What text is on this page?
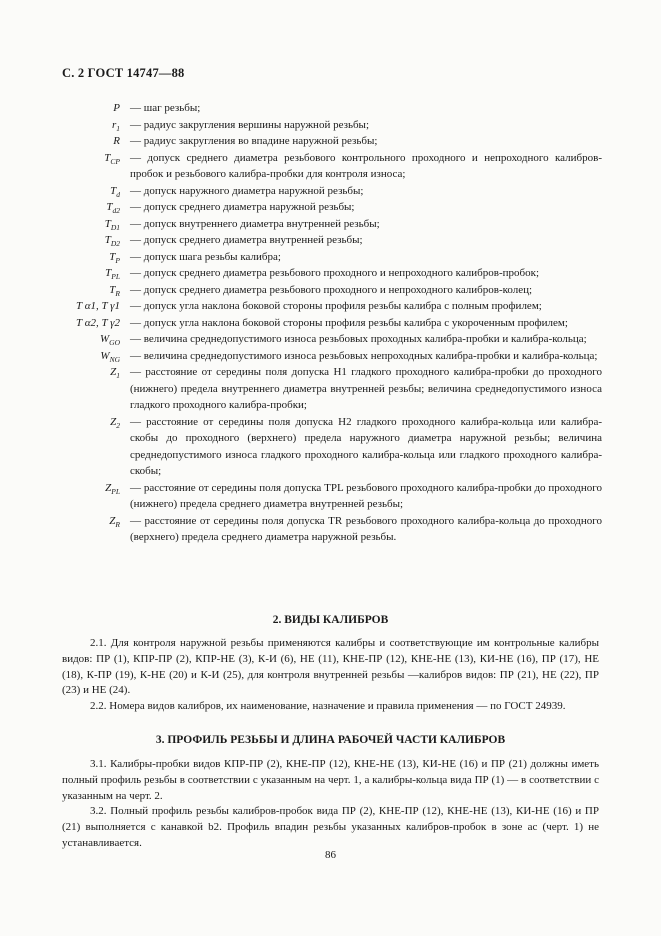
С. 2 ГОСТ 14747—88
P — шаг резьбы;
$r_1$ — радиус закругления вершины наружной резьбы;
R — радиус закругления во впадине наружной резьбы;
$T_{CP}$ — допуск среднего диаметра резьбового контрольного проходного и непроходного калибров-пробок и резьбового калибра-пробки для контроля износа;
$T_d$ — допуск наружного диаметра наружной резьбы;
$T_{d2}$ — допуск среднего диаметра наружной резьбы;
$T_{D1}$ — допуск внутреннего диаметра внутренней резьбы;
$T_{D2}$ — допуск среднего диаметра внутренней резьбы;
$T_P$ — допуск шага резьбы калибра;
$T_{PL}$ — допуск среднего диаметра резьбового проходного и непроходного калибров-пробок;
$T_R$ — допуск среднего диаметра резьбового проходного и непроходного калибров-колец;
T α1, T γ1 — допуск угла наклона боковой стороны профиля резьбы калибра с полным профилем;
T α2, T γ2 — допуск угла наклона боковой стороны профиля резьбы калибра с укороченным профилем;
$W_{GO}$ — величина среднедопустимого износа резьбовых проходных калибра-пробки и калибра-кольца;
$W_{NG}$ — величина среднедопустимого износа резьбовых непроходных калибра-пробки и калибра-кольца;
$Z_1$ — расстояние от середины поля допуска H1 гладкого проходного калибра-пробки до проходного (нижнего) предела внутреннего диаметра внутренней резьбы; величина среднедопустимого износа гладкого проходного калибра-пробки;
$Z_2$ — расстояние от середины поля допуска H2 гладкого проходного калибра-кольца или калибра-скобы до проходного (верхнего) предела наружного диаметра наружной резьбы; величина среднедопустимого износа гладкого проходного калибра-кольца или гладкого проходного калибра-скобы;
$Z_{PL}$ — расстояние от середины поля допуска TPL резьбового проходного калибра-пробки до проходного (нижнего) предела среднего диаметра внутренней резьбы;
$Z_R$ — расстояние от середины поля допуска TR резьбового проходного калибра-кольца до проходного (верхнего) предела среднего диаметра наружной резьбы.
2. ВИДЫ КАЛИБРОВ

2.1. Для контроля наружной резьбы применяются калибры и соответствующие им контрольные калибры видов: ПР (1), КПР-ПР (2), КПР-НЕ (3), К-И (6), НЕ (11), КНЕ-ПР (12), КНЕ-НЕ (13), КИ-НЕ (16), ПР (17), НЕ (18), К-ПР (19), К-НЕ (20) и К-И (25), для контроля внутренней резьбы —калибров видов: ПР (21), НЕ (22), ПР (23) и НЕ (24).

2.2. Номера видов калибров, их наименование, назначение и правила применения — по ГОСТ 24939.

3. ПРОФИЛЬ РЕЗЬБЫ И ДЛИНА РАБОЧЕЙ ЧАСТИ КАЛИБРОВ

3.1. Калибры-пробки видов КПР-ПР (2), КНЕ-ПР (12), КНЕ-НЕ (13), КИ-НЕ (16) и ПР (21) должны иметь полный профиль резьбы в соответствии с указанным на черт. 1, а калибры-кольца вида ПР (1) — в соответствии с указанным на черт. 2.

3.2. Полный профиль резьбы калибров-пробок вида ПР (2), КНЕ-ПР (12), КНЕ-НЕ (13), КИ-НЕ (16) и ПР (21) выполняется с канавкой b2. Профиль впадин резьбы указанных калибров-пробок в зоне ac (черт. 1) не устанавливается.

86
